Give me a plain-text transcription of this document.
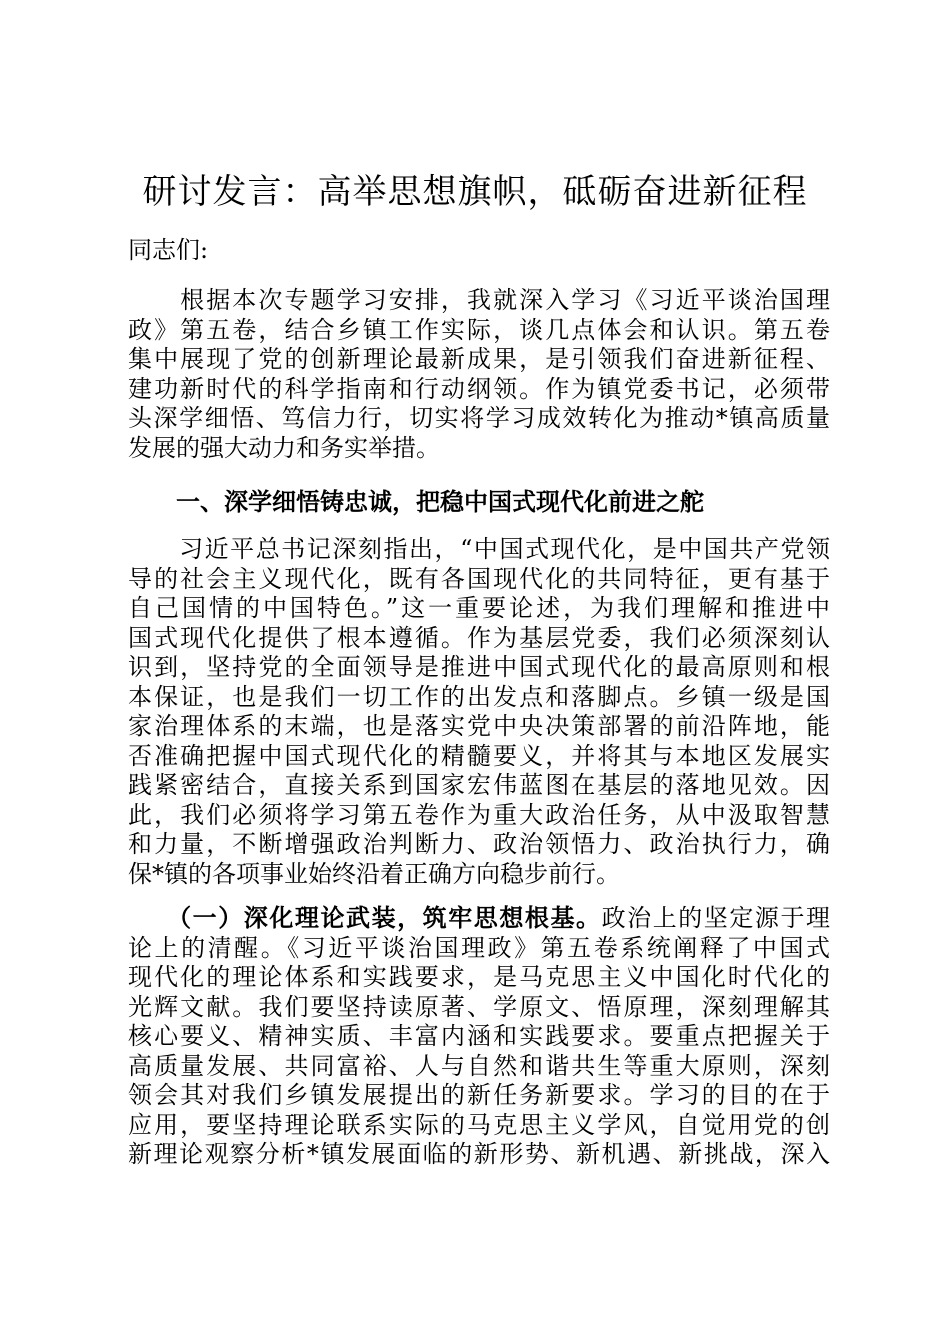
研讨发言：高举思想旗帜，砥砺奋进新征程

同志们:

　　根据本次专题学习安排，我就深入学习《习近平谈治国理
政》第五卷，结合乡镇工作实际，谈几点体会和认识。第五卷
集中展现了党的创新理论最新成果，是引领我们奋进新征程、
建功新时代的科学指南和行动纲领。作为镇党委书记，必须带
头深学细悟、笃信力行，切实将学习成效转化为推动*镇高质量
发展的强大动力和务实举措。

一、深学细悟铸忠诚，把稳中国式现代化前进之舵

　　习近平总书记深刻指出，“中国式现代化，是中国共产党领
导的社会主义现代化，既有各国现代化的共同特征，更有基于
自己国情的中国特色。”这一重要论述，为我们理解和推进中
国式现代化提供了根本遵循。作为基层党委，我们必须深刻认
识到，坚持党的全面领导是推进中国式现代化的最高原则和根
本保证，也是我们一切工作的出发点和落脚点。乡镇一级是国
家治理体系的末端，也是落实党中央决策部署的前沿阵地，能
否准确把握中国式现代化的精髓要义，并将其与本地区发展实
践紧密结合，直接关系到国家宏伟蓝图在基层的落地见效。因
此，我们必须将学习第五卷作为重大政治任务，从中汲取智慧
和力量，不断增强政治判断力、政治领悟力、政治执行力，确
保*镇的各项事业始终沿着正确方向稳步前行。
　　（一）深化理论武装，筑牢思想根基。政治上的坚定源于理
论上的清醒。《习近平谈治国理政》第五卷系统阐释了中国式
现代化的理论体系和实践要求，是马克思主义中国化时代化的
光辉文献。我们要坚持读原著、学原文、悟原理，深刻理解其
核心要义、精神实质、丰富内涵和实践要求。要重点把握关于
高质量发展、共同富裕、人与自然和谐共生等重大原则，深刻
领会其对我们乡镇发展提出的新任务新要求。学习的目的在于
应用，要坚持理论联系实际的马克思主义学风，自觉用党的创
新理论观察分析*镇发展面临的新形势、新机遇、新挑战，深入
